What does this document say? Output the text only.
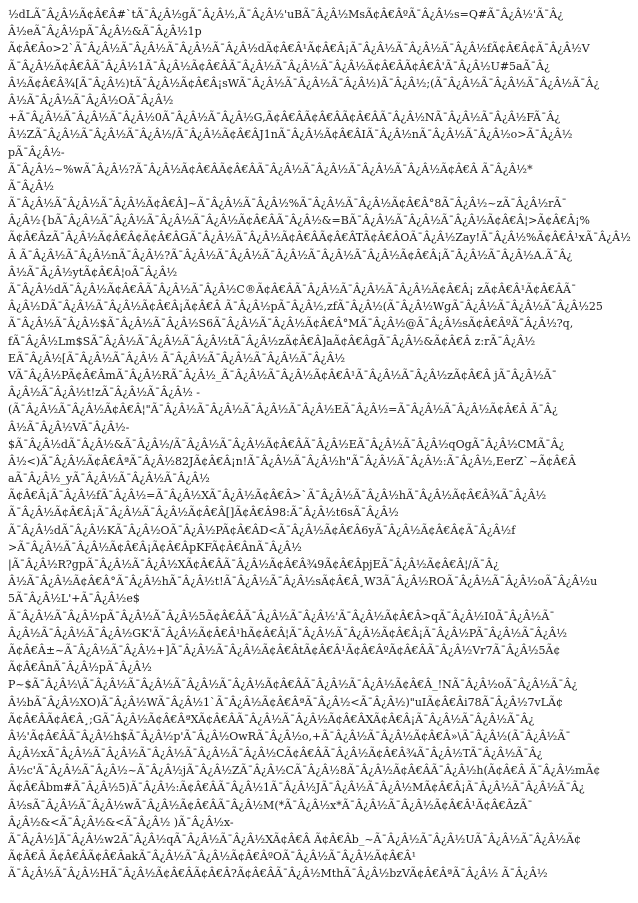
½dLÃ¯Â¿Â½Ã¢Â€Â#`tÃ¯Â¿Â½gÃ¯Â¿Â½,Ã¯Â¿Â½'uBÃ¯Â¿Â½MsÃ¢Â€ÂºÃ¯Â¿Â½s=Q#Ã¯Â¿Â½'Ã¯Â¿
Â½eÃ¯Â¿Â½pÃ¯Â¿Â½&Ã¯Â¿Â½1p
Ã¢Â€Âo>2`Ã¯Â¿Â½Ã¯Â¿Â½Ã¯Â¿Â½Ã¯Â¿Â½dÃ¢Â€Â¹Ã¢Â€Â¡Ã¯Â¿Â½Ã¯Â¿Â½Ã¯Â¿Â½fÃ¢Â€Â¢Ã¯Â¿Â½V
Ã¯Â¿Â½Ã¢Â€ÂÃ¯Â¿Â½1Ã¯Â¿Â½Ã¢Â€ÂÃ¯Â¿Â½Ã¯Â¿Â½Ã¯Â¿Â½Ã¢Â€ÂÃ¢Â€Â'Ã¯Â¿Â½U#5aÃ¯Â¿
Â½Ã¢Â€Â¾[Ã¯Â¿Â½)tÃ¯Â¿Â½Ã¢Â€Â¡sWÃ¯Â¿Â½Ã¯Â¿Â½Ã¯Â¿Â½)Ã¯Â¿Â½;(Ã¯Â¿Â½Ã¯Â¿Â½Ã¯Â¿Â½Ã¯Â¿
Â½Ã¯Â¿Â½Ã¯Â¿Â½OÃ¯Â¿Â½
+Ã¯Â¿Â½Ã¯Â¿Â½Ã¯Â¿Â½0Ã¯Â¿Â½Ã¯Â¿Â½G,Ã¢Â€ÂÃ¢Â€ÂÃ¢Â€ÂÃ¯Â¿Â½NÃ¯Â¿Â½Ã¯Â¿Â½FÃ¯Â¿
Â½ZÃ¯Â¿Â½Ã¯Â¿Â½Ã¯Â¿Â½/Ã¯Â¿Â½Ã¢Â€ÂJ1nÃ¯Â¿Â½Ã¢Â€ÂIÃ¯Â¿Â½nÃ¯Â¿Â½Ã¯Â¿Â½o>Ã¯Â¿Â½
pÃ¯Â¿Â½-
Ã¯Â¿Â½~%wÃ¯Â¿Â½?Ã¯Â¿Â½Ã¢Â€ÂÃ¢Â€ÂÃ¯Â¿Â½Ã¯Â¿Â½Ã¯Â¿Â½Ã¯Â¿Â½Ã¢Â€Â Ã¯Â¿Â½*
Ã¯Â¿Â½
Ã¯Â¿Â½Ã¯Â¿Â½Ã¯Â¿Â½Ã¢Â€Â]~Ã¯Â¿Â½Ã¯Â¿Â½%Ã¯Â¿Â½Ã¯Â¿Â½Ã¢Â€Â°8Ã¯Â¿Â½~zÃ¯Â¿Â½rÃ¯
Â¿Â½{bÃ¯Â¿Â½Ã¯Â¿Â½Ã¯Â¿Â½Ã¯Â¿Â½Ã¢Â€ÂÃ¯Â¿Â½&=BÃ¯Â¿Â½Ã¯Â¿Â½Ã¯Â¿Â½Ã¢Â€Â¦>Ã¢Â€Â¡%
Ã¢Â€ÂzÃ¯Â¿Â½Ã¢Â€Â¢Ã¢Â€ÂGÃ¯Â¿Â½Ã¯Â¿Â½Ã¢Â€ÂÃ¢Â€ÂTÃ¢Â€ÂOÃ¯Â¿Â½Zay!Ã¯Â¿Â½%Ã¢Â€Â¹xÃ¯Â¿Â½
Â Ã¯Â¿Â½Ã¯Â¿Â½nÃ¯Â¿Â½?Ã¯Â¿Â½Ã¯Â¿Â½Ã¯Â¿Â½Ã¯Â¿Â½Ã¯Â¿Â½Ã¢Â€Â¡Ã¯Â¿Â½Ã¯Â¿Â½A.Ã¯Â¿
Â½Ã¯Â¿Â½ytÃ¢Â€Â¦oÃ¯Â¿Â½
Ã¯Â¿Â½dÃ¯Â¿Â½Ã¢Â€ÂÃ¯Â¿Â½Ã¯Â¿Â½C®Ã¢Â€ÂÃ¯Â¿Â½Ã¯Â¿Â½Ã¯Â¿Â½Ã¢Â€Â¡ zÃ¢Â€Â¹Ã¢Â€ÂÃ¯
Â¿Â½DÃ¯Â¿Â½Ã¯Â¿Â½Ã¢Â€Â¡Ã¢Â€Â Ã¯Â¿Â½pÃ¯Â¿Â½,zfÃ¯Â¿Â½(Ã¯Â¿Â½WgÃ¯Â¿Â½Ã¯Â¿Â½Ã¯Â¿Â½25
Ã¯Â¿Â½Ã¯Â¿Â½$Ã¯Â¿Â½Ã¯Â¿Â½S6Ã¯Â¿Â½Ã¯Â¿Â½Ã¢Â€Â°MÃ¯Â¿Â½@Ã¯Â¿Â½sÃ¢Â€ÂºÃ¯Â¿Â½?q,
fÃ¯Â¿Â½Lm$SÃ¯Â¿Â½Ã¯Â¿Â½Ã¯Â¿Â½tÃ¯Â¿Â½zÃ¢Â€Â]aÃ¢Â€ÂgÃ¯Â¿Â½&Ã¢Â€Â z:rÃ¯Â¿Â½
EÃ¯Â¿Â½[Ã¯Â¿Â½Ã¯Â¿Â½ Ã¯Â¿Â½Ã¯Â¿Â½Ã¯Â¿Â½Ã¯Â¿Â½
VÃ¯Â¿Â½PÃ¢Â€ÂmÃ¯Â¿Â½RÃ¯Â¿Â½_Ã¯Â¿Â½Ã¯Â¿Â½Ã¢Â€Â¹Ã¯Â¿Â½Ã¯Â¿Â½zÃ¢Â€Â jÃ¯Â¿Â½Ã¯
Â¿Â½Ã¯Â¿Â½t!zÃ¯Â¿Â½Ã¯Â¿Â½ -
(Ã¯Â¿Â½Ã¯Â¿Â½Ã¢Â€Â¦"Ã¯Â¿Â½Ã¯Â¿Â½Ã¯Â¿Â½Ã¯Â¿Â½EÃ¯Â¿Â½=Ã¯Â¿Â½Ã¯Â¿Â½Ã¢Â€Â Ã¯Â¿
Â½Ã¯Â¿Â½VÃ¯Â¿Â½-
$Ã¯Â¿Â½dÃ¯Â¿Â½&Ã¯Â¿Â½/Ã¯Â¿Â½Ã¯Â¿Â½Ã¢Â€ÂÃ¯Â¿Â½EÃ¯Â¿Â½Ã¯Â¿Â½qOgÃ¯Â¿Â½CMÃ¯Â¿
Â½<)Ã¯Â¿Â½Ã¢Â€ÂªÃ¯Â¿Â½82JÃ¢Â€Â¡n!Ã¯Â¿Â½Ã¯Â¿Â½h"Ã¯Â¿Â½Ã¯Â¿Â½:Ã¯Â¿Â½,EerZ`~Ã¢Â€Â
aÃ¯Â¿Â½_yÃ¯Â¿Â½Ã¯Â¿Â½Ã¯Â¿Â½
Ã¢Â€Â¡Ã¯Â¿Â½fÃ¯Â¿Â½=Ã¯Â¿Â½XÃ¯Â¿Â½Ã¢Â€Â>`Ã¯Â¿Â½Ã¯Â¿Â½hÃ¯Â¿Â½Ã¢Â€Â¾Ã¯Â¿Â½
Ã¯Â¿Â½Ã¢Â€Â¡Ã¯Â¿Â½Ã¯Â¿Â½Ã¢Â€Â[]Ã¢Â€Â98:Ã¯Â¿Â½t6sÃ¯Â¿Â½
Ã¯Â¿Â½dÃ¯Â¿Â½KÃ¯Â¿Â½OÃ¯Â¿Â½PÃ¢Â€ÂD<Ã¯Â¿Â½Ã¢Â€Â6yÃ¯Â¿Â½Ã¢Â€Â¢Ã¯Â¿Â½f
>Ã¯Â¿Â½Ã¯Â¿Â½Ã¢Â€Â¡Ã¢Â€ÂpKFÃ¢Â€ÂnÃ¯Â¿Â½
|Ã¯Â¿Â½R?gpÃ¯Â¿Â½Ã¯Â¿Â½XÃ¢Â€ÂÃ¯Â¿Â½Ã¢Â€Â¾9Ã¢Â€ÂpjEÃ¯Â¿Â½Ã¢Â€Â¦/Ã¯Â¿
Â½Ã¯Â¿Â½Ã¢Â€Â°Ã¯Â¿Â½hÃ¯Â¿Â½t!Ã¯Â¿Â½Ã¯Â¿Â½sÃ¢Â€Â¸W3Ã¯Â¿Â½ROÃ¯Â¿Â½Ã¯Â¿Â½oÃ¯Â¿Â½u
5Ã¯Â¿Â½L'+Ã¯Â¿Â½e$
Ã¯Â¿Â½Ã¯Â¿Â½pÃ¯Â¿Â½Ã¯Â¿Â½5Ã¢Â€ÂÃ¯Â¿Â½Ã¯Â¿Â½'Ã¯Â¿Â½Ã¢Â€Â>qÃ¯Â¿Â½I0Ã¯Â¿Â½Ã¯
Â¿Â½Ã¯Â¿Â½Ã¯Â¿Â½GK'Ã¯Â¿Â½Ã¢Â€Â¹hÃ¢Â€Â¦Ã¯Â¿Â½Ã¯Â¿Â½Ã¢Â€Â¡Ã¯Â¿Â½PÃ¯Â¿Â½Ã¯Â¿Â½
Ã¢Â€Â±~Ã¯Â¿Â½Ã¯Â¿Â½+]Ã¯Â¿Â½Ã¯Â¿Â½Ã¢Â€ÂtÃ¢Â€Â¹Ã¢Â€ÂºÃ¢Â€ÂÃ¯Â¿Â½Vr7Ã¯Â¿Â½5Ã¢
Ã¢Â€ÂnÃ¯Â¿Â½pÃ¯Â¿Â½
P~$Ã¯Â¿Â½\Ã¯Â¿Â½Ã¯Â¿Â½Ã¯Â¿Â½Ã¯Â¿Â½Ã¢Â€ÂÃ¯Â¿Â½Ã¯Â¿Â½Ã¢Â€Â_!NÃ¯Â¿Â½oÃ¯Â¿Â½Ã¯Â¿
Â½bÃ¯Â¿Â½XO)Ã¯Â¿Â½WÃ¯Â¿Â½1`Ã¯Â¿Â½Ã¢Â€ÂªÃ¯Â¿Â½<Ã¯Â¿Â½)"uIÃ¢Â€Âi78Ã¯Â¿Â½7vLÃ¢
Ã¢Â€ÂÃ¢Â€Â¸;GÃ¯Â¿Â½Ã¢Â€ÂªXÃ¢Â€ÂÃ¯Â¿Â½Ã¯Â¿Â½Ã¢Â€ÂXÃ¢Â€Â¡Ã¯Â¿Â½Ã¯Â¿Â½Ã¯Â¿
Â½'Ã¢Â€ÂÃ¯Â¿Â½h$Ã¯Â¿Â½p'Ã¯Â¿Â½OwRÃ¯Â¿Â½o,+Ã¯Â¿Â½Ã¯Â¿Â½Ã¢Â€Â»\Ã¯Â¿Â½(Ã¯Â¿Â½Ã¯
Â¿Â½xÃ¯Â¿Â½Ã¯Â¿Â½Ã¯Â¿Â½Ã¯Â¿Â½Ã¯Â¿Â½CÃ¢Â€ÂÃ¯Â¿Â½Ã¢Â€Â¾Ã¯Â¿Â½TÃ¯Â¿Â½Ã¯Â¿
Â½c'Ã¯Â¿Â½Ã¯Â¿Â½~Ã¯Â¿Â½jÃ¯Â¿Â½ZÃ¯Â¿Â½CÃ¯Â¿Â½8Ã¯Â¿Â½Ã¢Â€ÂÃ¯Â¿Â½h(Ã¢Â€Â Ã¯Â¿Â½mÃ¢
Ã¢Â€Âbm#Ã¯Â¿Â½5)Ã¯Â¿Â½:Ã¢Â€ÂÃ¯Â¿Â½1Ã¯Â¿Â½JÃ¯Â¿Â½Ã¯Â¿Â½MÃ¢Â€Â¡Ã¯Â¿Â½Ã¯Â¿Â½Ã¯Â¿
Â½sÃ¯Â¿Â½Ã¯Â¿Â½wÃ¯Â¿Â½Ã¢Â€ÂÃ¯Â¿Â½M(*Ã¯Â¿Â½x*Ã¯Â¿Â½Ã¯Â¿Â½Ã¢Â€Â¹Ã¢Â€ÂzÃ¯
Â¿Â½&<Ã¯Â¿Â½&<Ã¯Â¿Â½ )Ã¯Â¿Â½x-
Ã¯Â¿Â½]Ã¯Â¿Â½w2Ã¯Â¿Â½qÃ¯Â¿Â½Ã¯Â¿Â½XÃ¢Â€Â Ã¢Â€Âb_~Ã¯Â¿Â½Ã¯Â¿Â½UÃ¯Â¿Â½Ã¯Â¿Â½Ã¢
Ã¢Â€Â Ã¢Â€ÂÃ¢Â€ÂakÃ¯Â¿Â½Ã¯Â¿Â½Ã¢Â€ÂºOÃ¯Â¿Â½Ã¯Â¿Â½Ã¢Â€Â¹
Ã¯Â¿Â½Ã¯Â¿Â½HÃ¯Â¿Â½Ã¢Â€ÂÃ¢Â€Â?Ã¢Â€ÂÃ¯Â¿Â½MthÃ¯Â¿Â½bzVÃ¢Â€ÂªÃ¯Â¿Â½ Ã¯Â¿Â½
